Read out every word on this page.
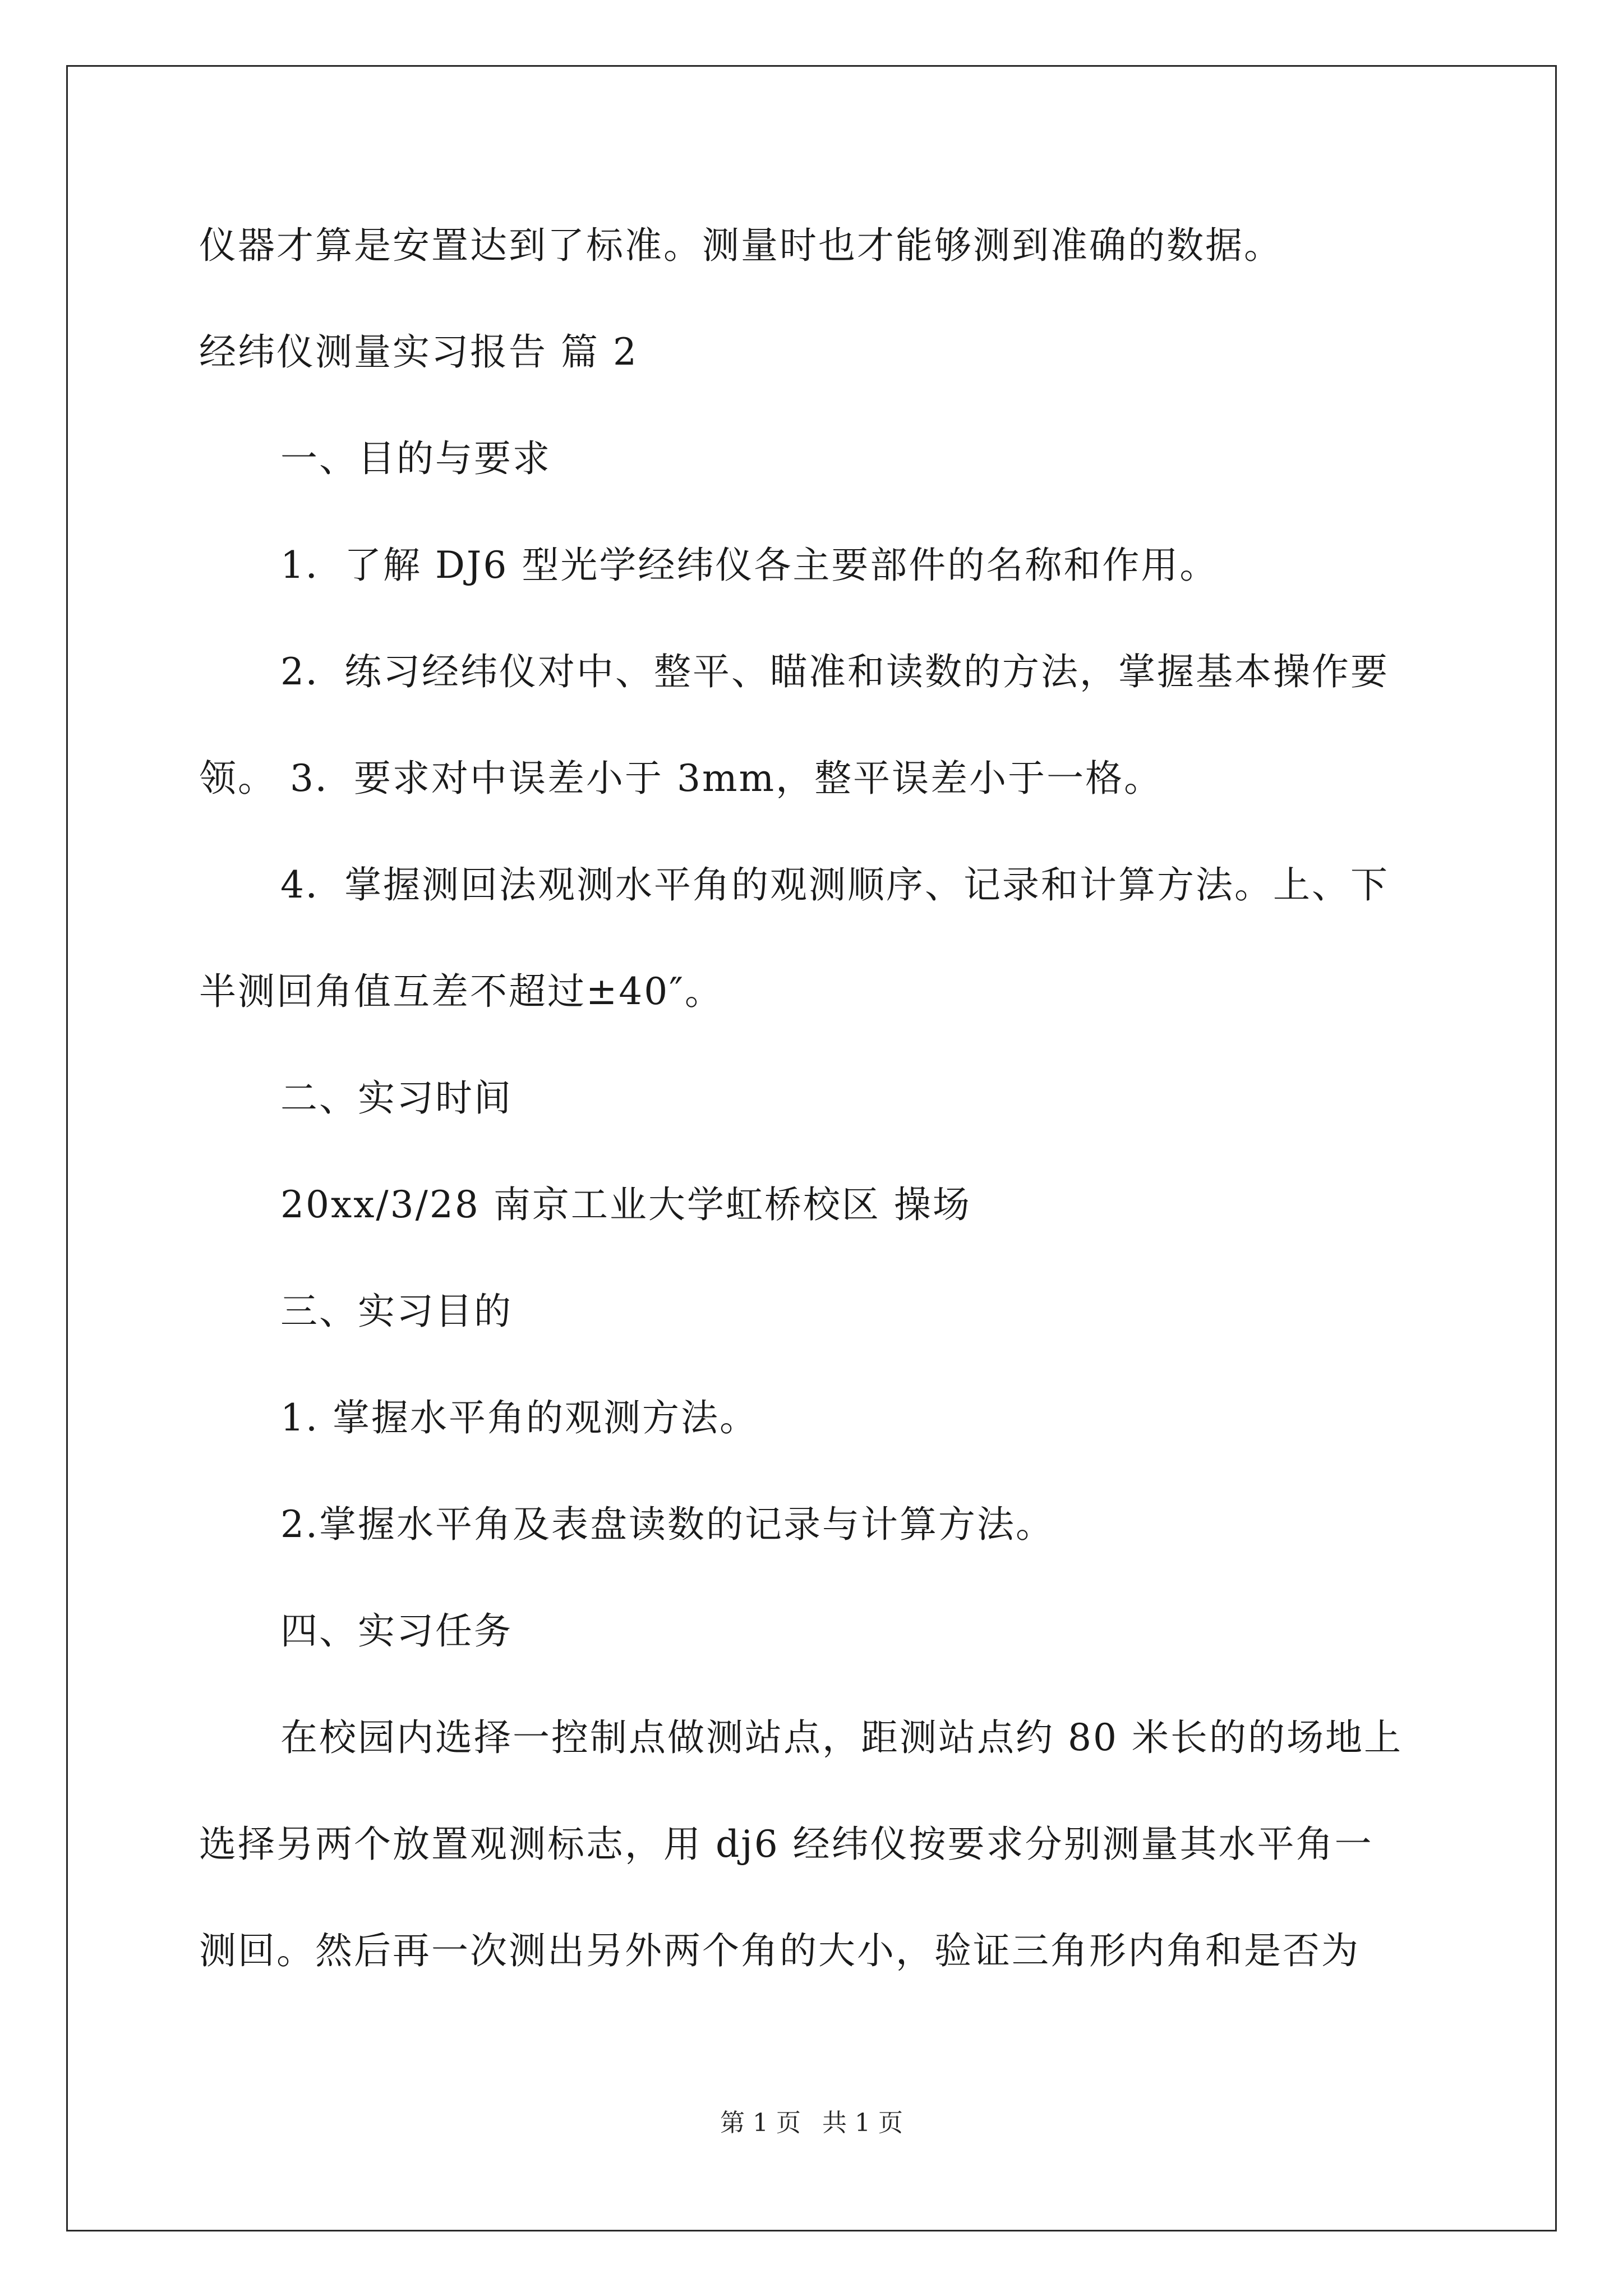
仪器才算是安置达到了标准。测量时也才能够测到准确的数据。
经纬仪测量实习报告 篇 2
一、目的与要求
1．了解 DJ6 型光学经纬仪各主要部件的名称和作用。
2．练习经纬仪对中、整平、瞄准和读数的方法，掌握基本操作要
领。 3．要求对中误差小于 3mm，整平误差小于一格。
4．掌握测回法观测水平角的观测顺序、记录和计算方法。上、下
半测回角值互差不超过±40″。
二、实习时间
20xx/3/28 南京工业大学虹桥校区 操场
三、实习目的
1. 掌握水平角的观测方法。
2.掌握水平角及表盘读数的记录与计算方法。
四、实习任务
在校园内选择一控制点做测站点，距测站点约 80 米长的的场地上
选择另两个放置观测标志，用 dj6 经纬仪按要求分别测量其水平角一
测回。然后再一次测出另外两个角的大小，验证三角形内角和是否为
第 1 页 共 1 页
